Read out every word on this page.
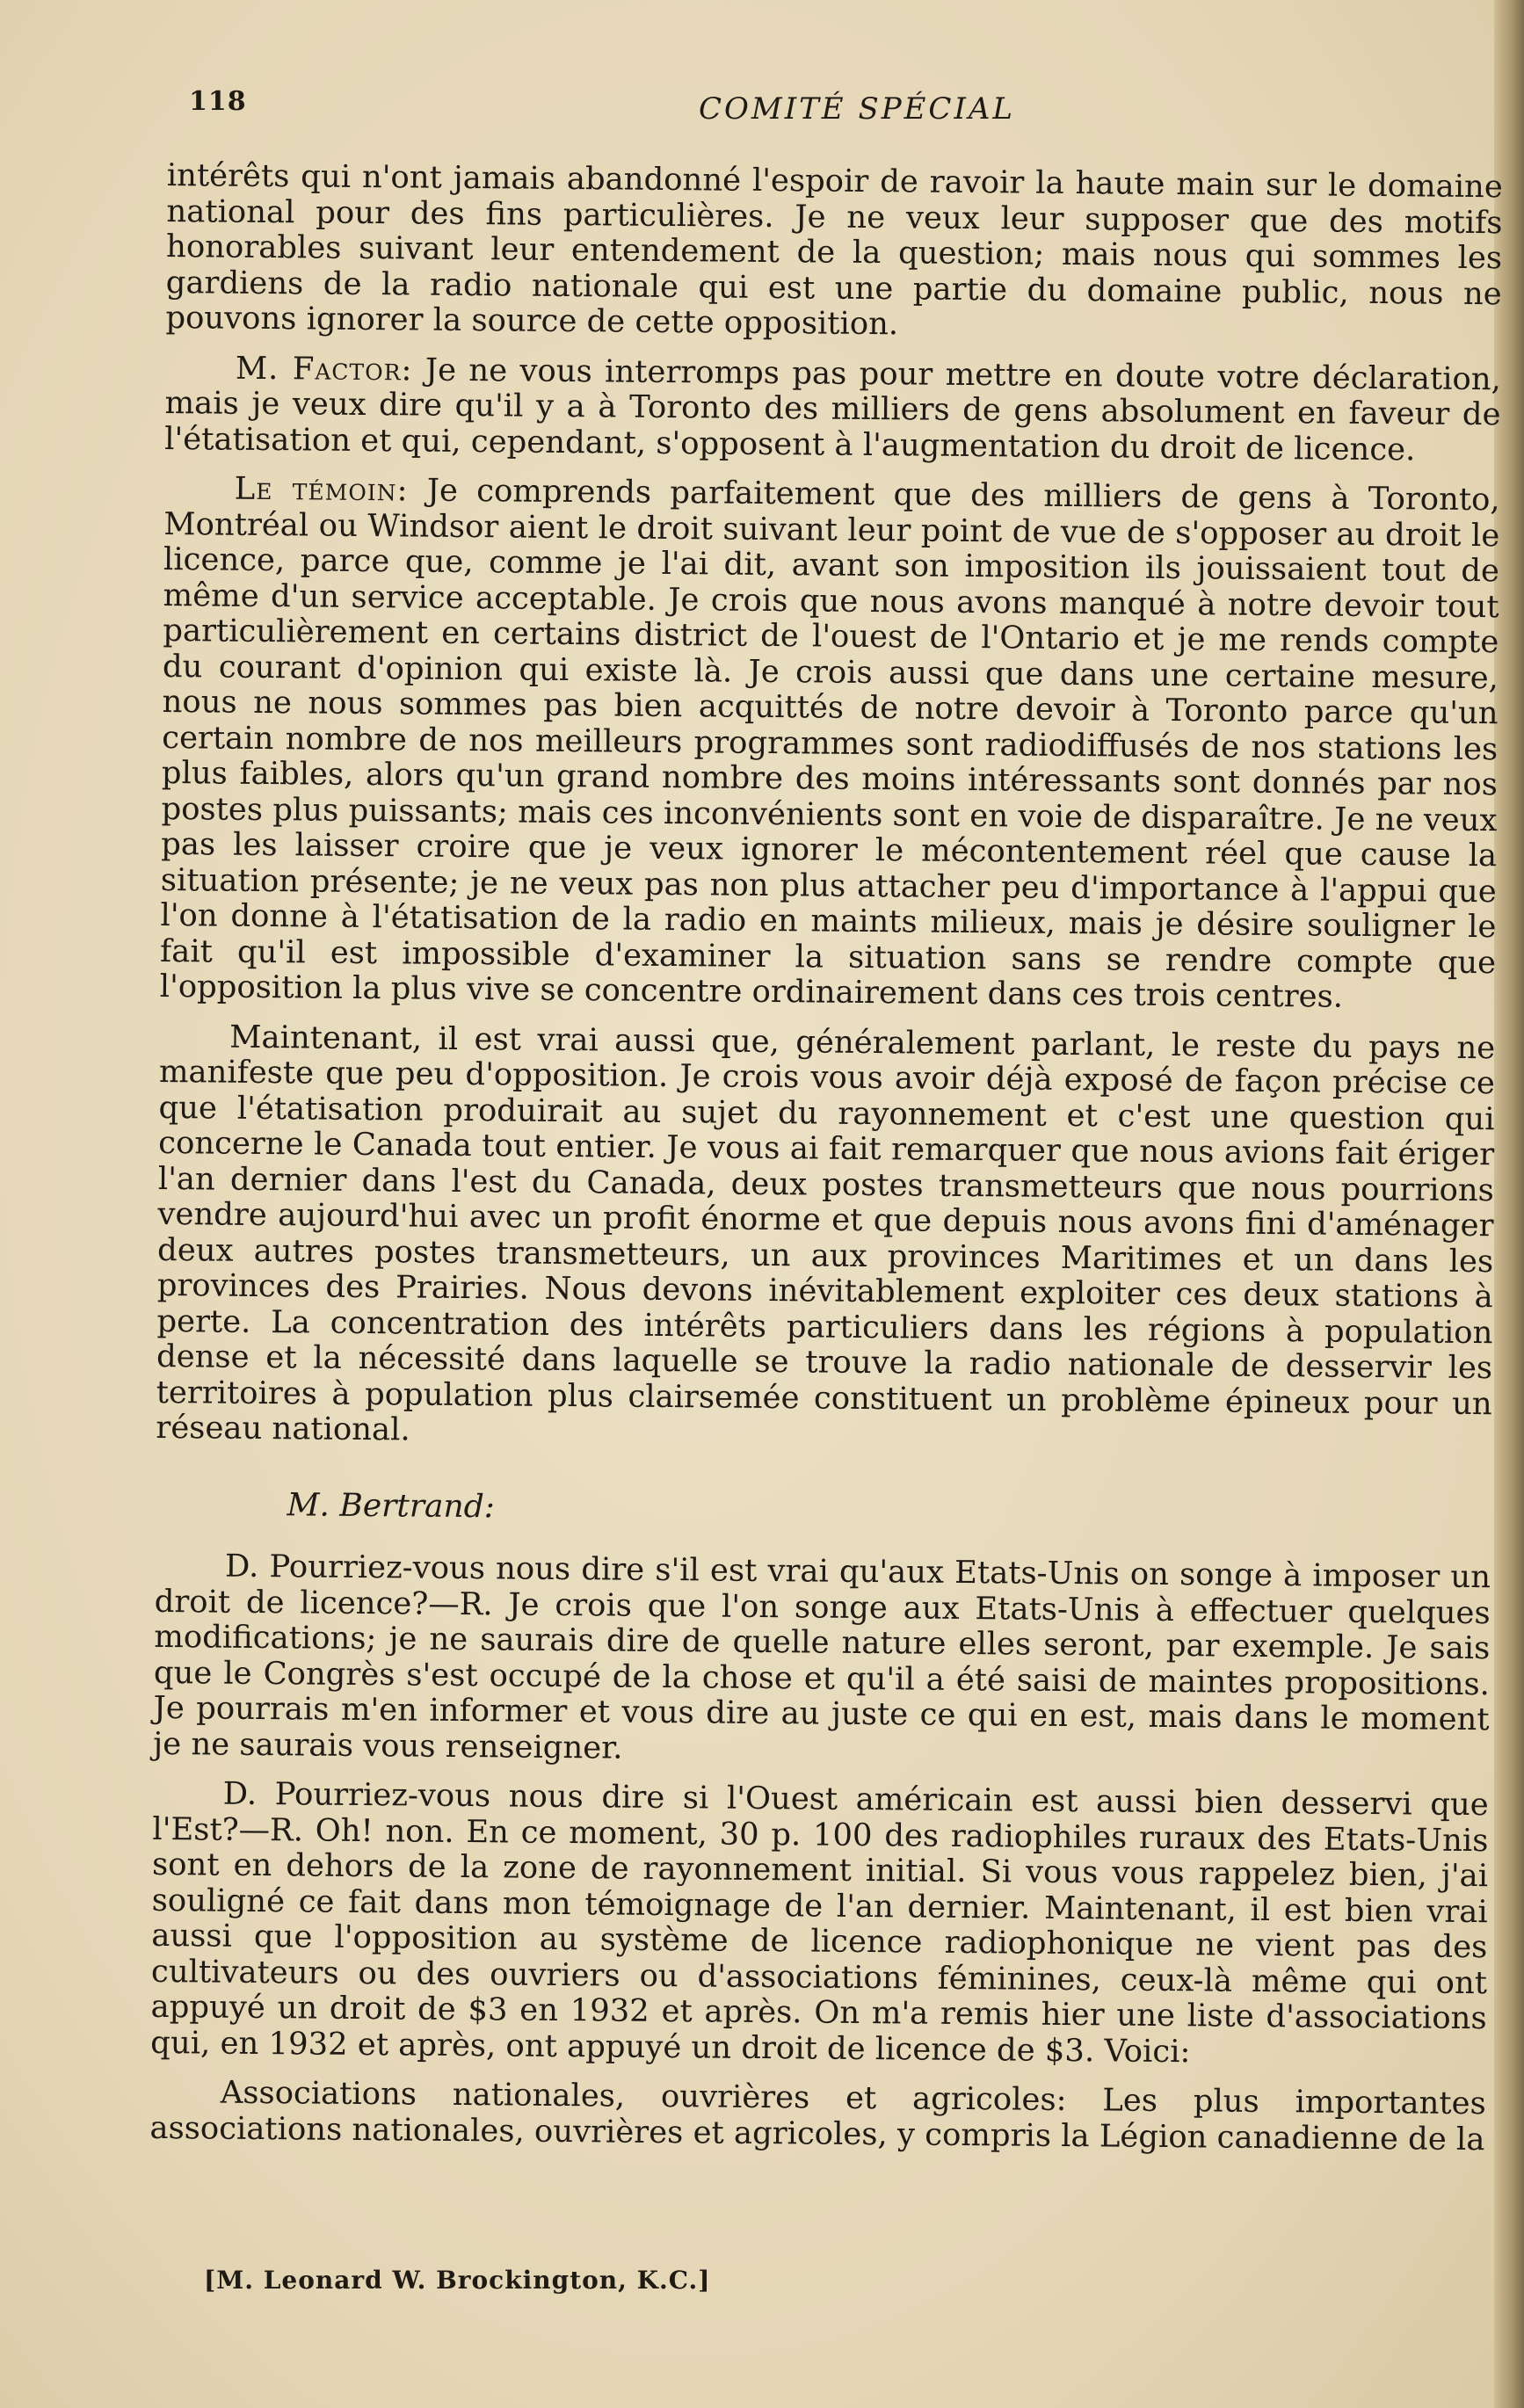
118	COMITÉ SPÉCIAL

intérêts qui n'ont jamais abandonné l'espoir de ravoir la haute main sur le domaine national pour des fins particulières. Je ne veux leur supposer que des motifs honorables suivant leur entendement de la question; mais nous qui sommes les gardiens de la radio nationale qui est une partie du domaine public, nous ne pouvons ignorer la source de cette opposition.

M. Factor: Je ne vous interromps pas pour mettre en doute votre déclaration, mais je veux dire qu'il y a à Toronto des milliers de gens absolument en faveur de l'étatisation et qui, cependant, s'opposent à l'augmentation du droit de licence.

Le témoin: Je comprends parfaitement que des milliers de gens à Toronto, Montréal ou Windsor aient le droit suivant leur point de vue de s'opposer au droit le licence, parce que, comme je l'ai dit, avant son imposition ils jouissaient tout de même d'un service acceptable. Je crois que nous avons manqué à notre devoir tout particulièrement en certains district de l'ouest de l'Ontario et je me rends compte du courant d'opinion qui existe là. Je crois aussi que dans une certaine mesure, nous ne nous sommes pas bien acquittés de notre devoir à Toronto parce qu'un certain nombre de nos meilleurs programmes sont radiodiffusés de nos stations les plus faibles, alors qu'un grand nombre des moins intéressants sont donnés par nos postes plus puissants; mais ces inconvénients sont en voie de disparaître. Je ne veux pas les laisser croire que je veux ignorer le mécontentement réel que cause la situation présente; je ne veux pas non plus attacher peu d'importance à l'appui que l'on donne à l'étatisation de la radio en maints milieux, mais je désire souligner le fait qu'il est impossible d'examiner la situation sans se rendre compte que l'opposition la plus vive se concentre ordinairement dans ces trois centres.

Maintenant, il est vrai aussi que, généralement parlant, le reste du pays ne manifeste que peu d'opposition. Je crois vous avoir déjà exposé de façon précise ce que l'étatisation produirait au sujet du rayonnement et c'est une question qui concerne le Canada tout entier. Je vous ai fait remarquer que nous avions fait ériger l'an dernier dans l'est du Canada, deux postes transmetteurs que nous pourrions vendre aujourd'hui avec un profit énorme et que depuis nous avons fini d'aménager deux autres postes transmetteurs, un aux provinces Maritimes et un dans les provinces des Prairies. Nous devons inévitablement exploiter ces deux stations à perte. La concentration des intérêts particuliers dans les régions à population dense et la nécessité dans laquelle se trouve la radio nationale de desservir les territoires à population plus clairsemée constituent un problème épineux pour un réseau national.

M. Bertrand:

D. Pourriez-vous nous dire s'il est vrai qu'aux Etats-Unis on songe à imposer un droit de licence?—R. Je crois que l'on songe aux Etats-Unis à effectuer quelques modifications; je ne saurais dire de quelle nature elles seront, par exemple. Je sais que le Congrès s'est occupé de la chose et qu'il a été saisi de maintes propositions. Je pourrais m'en informer et vous dire au juste ce qui en est, mais dans le moment je ne saurais vous renseigner.

D. Pourriez-vous nous dire si l'Ouest américain est aussi bien desservi que l'Est?—R. Oh! non. En ce moment, 30 p. 100 des radiophiles ruraux des Etats-Unis sont en dehors de la zone de rayonnement initial. Si vous vous rappelez bien, j'ai souligné ce fait dans mon témoignage de l'an dernier. Maintenant, il est bien vrai aussi que l'opposition au système de licence radiophonique ne vient pas des cultivateurs ou des ouvriers ou d'associations féminines, ceux-là même qui ont appuyé un droit de $3 en 1932 et après. On m'a remis hier une liste d'associations qui, en 1932 et après, ont appuyé un droit de licence de $3. Voici:

Associations nationales, ouvrières et agricoles: Les plus importantes associations nationales, ouvrières et agricoles, y compris la Légion canadienne de la

[M. Leonard W. Brockington, K.C.]
